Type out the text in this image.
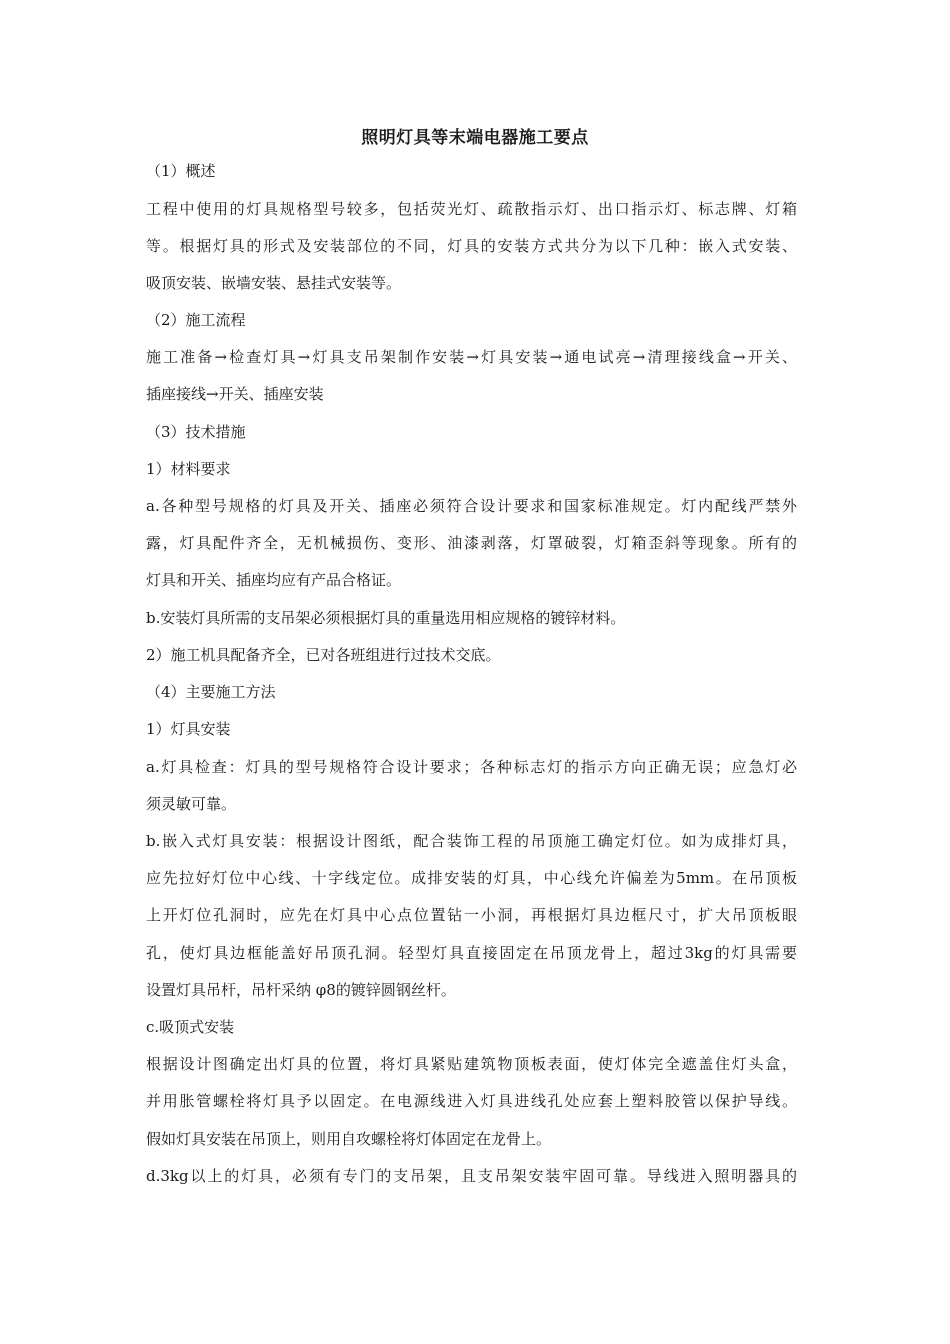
照明灯具等末端电器施工要点
（1）概述
工程中使用的灯具规格型号较多，包括荧光灯、疏散指示灯、出口指示灯、标志牌、灯箱
等。根据灯具的形式及安装部位的不同，灯具的安装方式共分为以下几种：嵌入式安装、
吸顶安装、嵌墙安装、悬挂式安装等。
（2）施工流程
施工准备→检查灯具→灯具支吊架制作安装→灯具安装→通电试亮→清理接线盒→开关、
插座接线→开关、插座安装
（3）技术措施
1）材料要求
a.各种型号规格的灯具及开关、插座必须符合设计要求和国家标准规定。灯内配线严禁外
露，灯具配件齐全，无机械损伤、变形、油漆剥落，灯罩破裂，灯箱歪斜等现象。所有的
灯具和开关、插座均应有产品合格证。
b.安装灯具所需的支吊架必须根据灯具的重量选用相应规格的镀锌材料。
2）施工机具配备齐全，已对各班组进行过技术交底。
（4）主要施工方法
1）灯具安装
a.灯具检查：灯具的型号规格符合设计要求；各种标志灯的指示方向正确无误；应急灯必
须灵敏可靠。
b.嵌入式灯具安装：根据设计图纸，配合装饰工程的吊顶施工确定灯位。如为成排灯具，
应先拉好灯位中心线、十字线定位。成排安装的灯具，中心线允许偏差为5mm。在吊顶板
上开灯位孔洞时，应先在灯具中心点位置钻一小洞，再根据灯具边框尺寸，扩大吊顶板眼
孔，使灯具边框能盖好吊顶孔洞。轻型灯具直接固定在吊顶龙骨上，超过3kg的灯具需要
设置灯具吊杆，吊杆采纳 φ8的镀锌圆钢丝杆。
c.吸顶式安装
根据设计图确定出灯具的位置，将灯具紧贴建筑物顶板表面，使灯体完全遮盖住灯头盒，
并用胀管螺栓将灯具予以固定。在电源线进入灯具进线孔处应套上塑料胶管以保护导线。
假如灯具安装在吊顶上，则用自攻螺栓将灯体固定在龙骨上。
d.3kg以上的灯具，必须有专门的支吊架，且支吊架安装牢固可靠。导线进入照明器具的
